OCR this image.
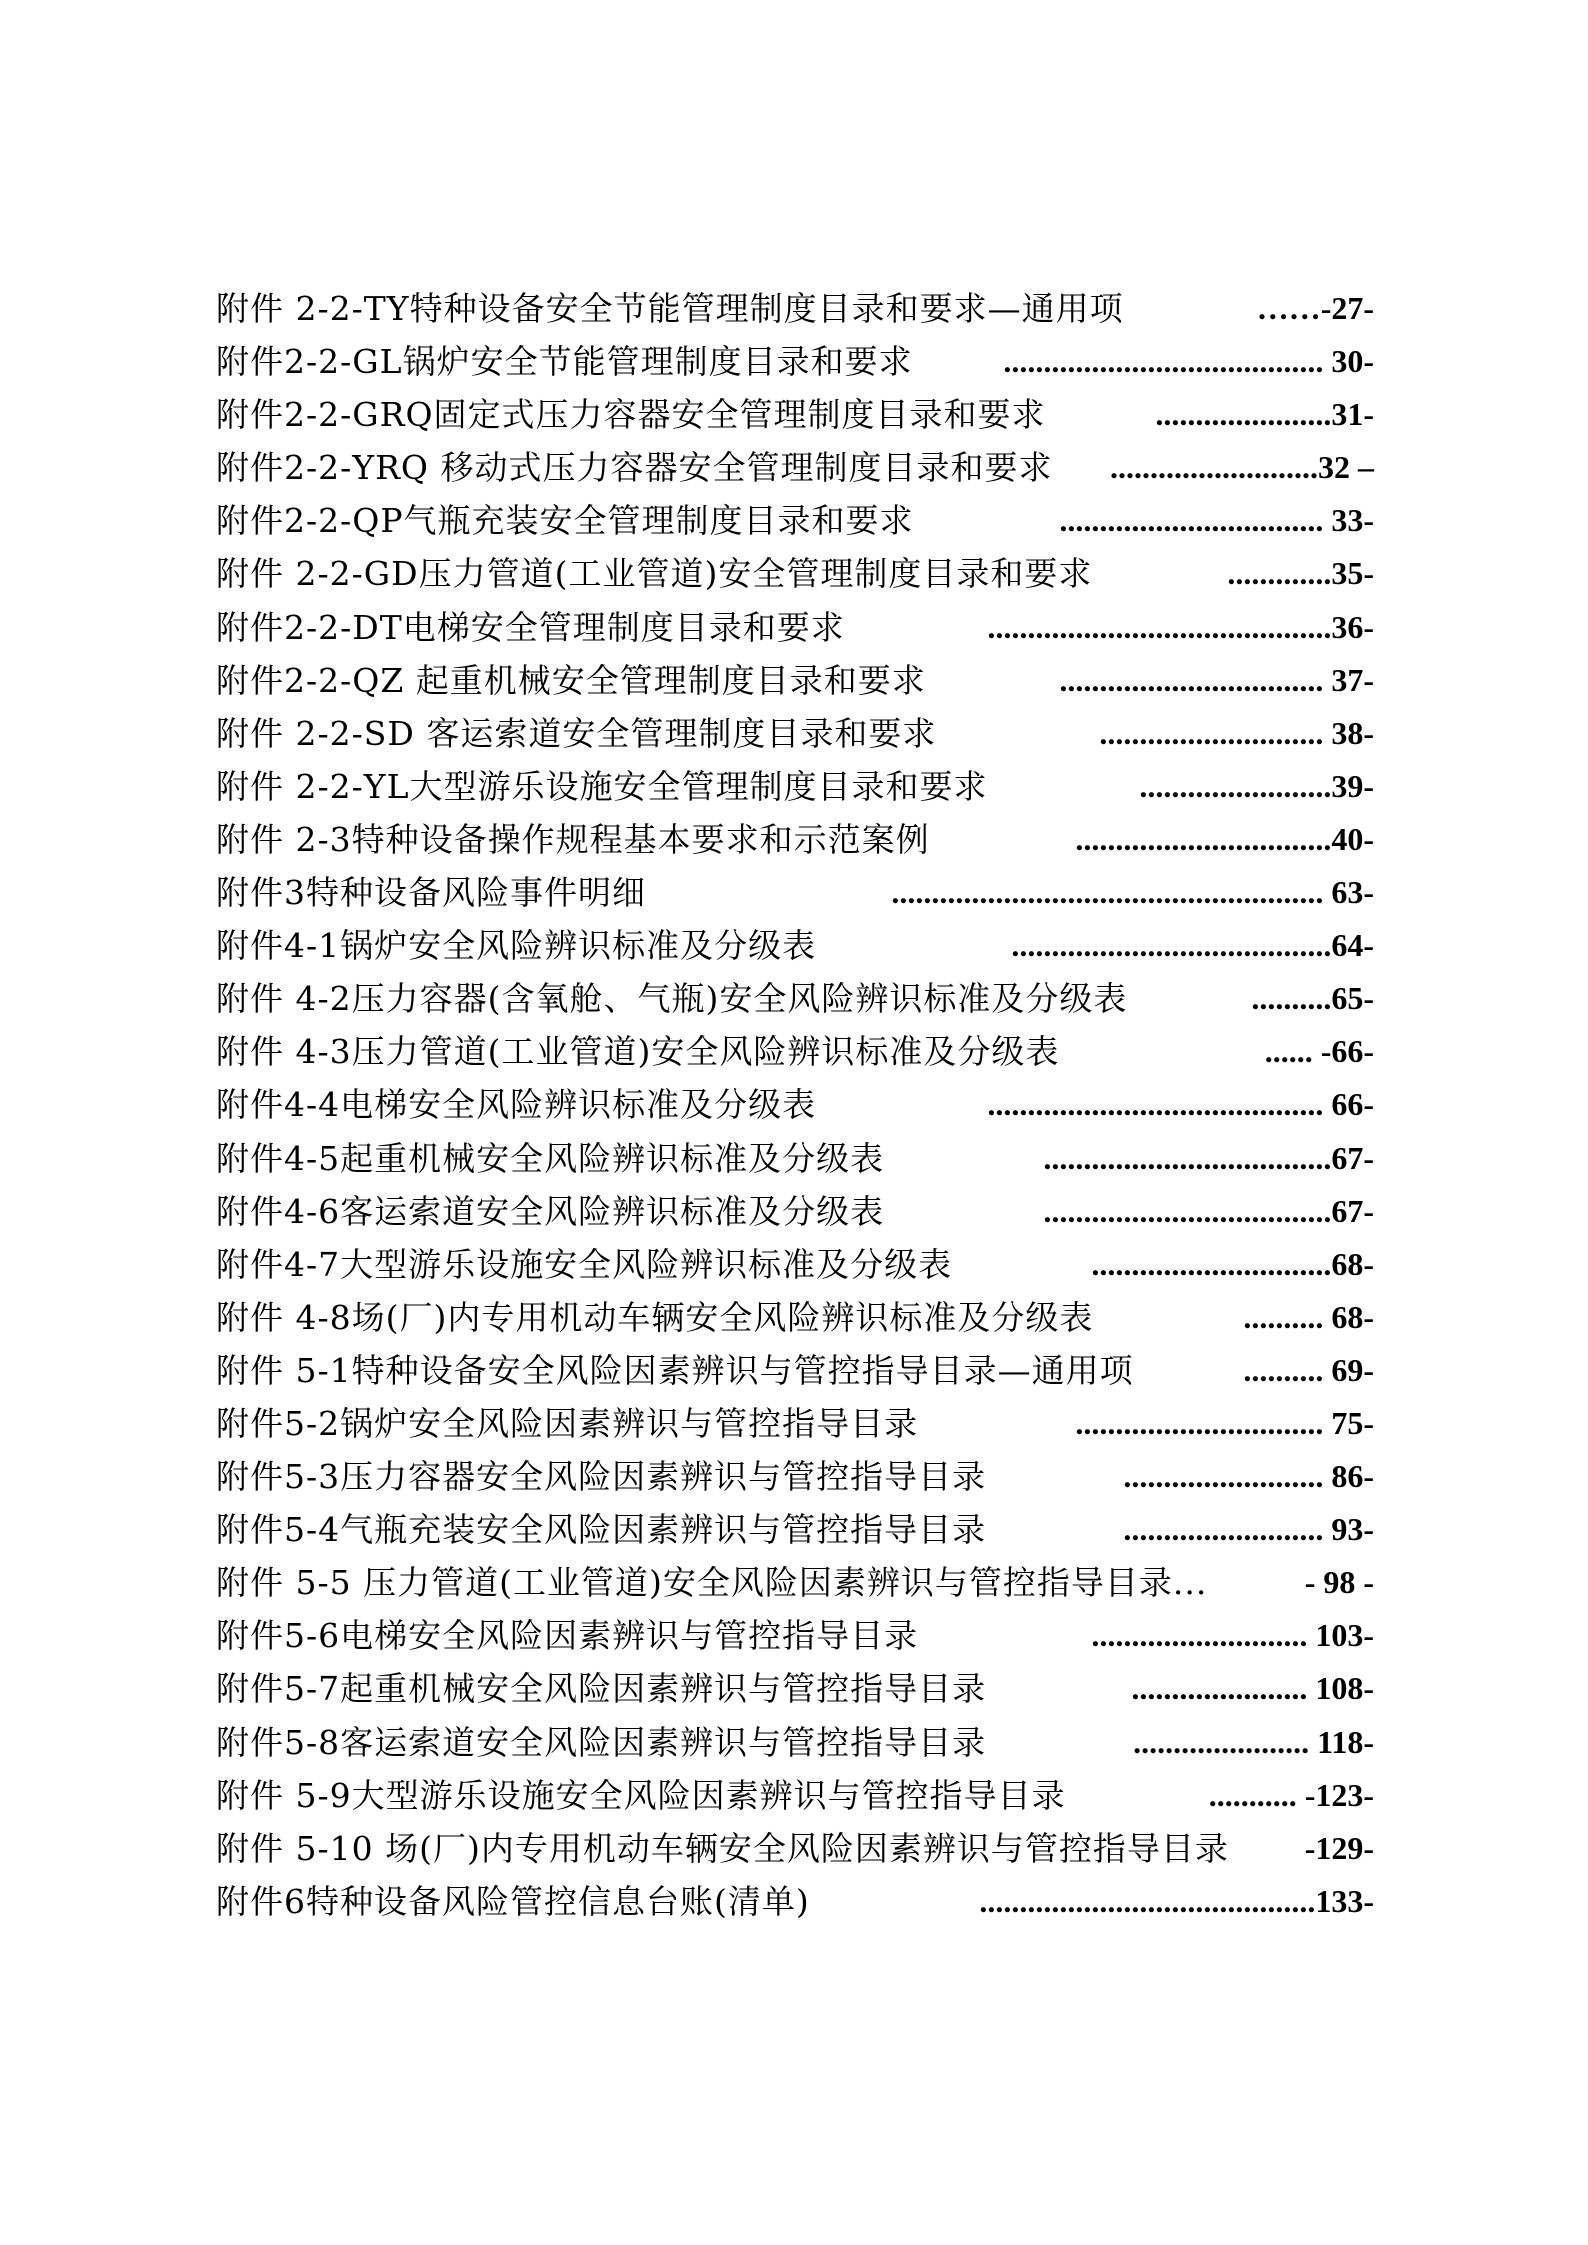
附件 2-2-TY特种设备安全节能管理制度目录和要求—通用项	……-27-
附件2-2-GL锅炉安全节能管理制度目录和要求	........................................ 30-
附件2-2-GRQ固定式压力容器安全管理制度目录和要求	......................31-
附件2-2-YRQ 移动式压力容器安全管理制度目录和要求 ..........................32 –
附件2-2-QP气瓶充装安全管理制度目录和要求	................................. 33-
附件 2-2-GD压力管道(工业管道)安全管理制度目录和要求	.............35-
附件2-2-DT电梯安全管理制度目录和要求	...........................................36-
附件2-2-QZ 起重机械安全管理制度目录和要求	................................. 37-
附件 2-2-SD 客运索道安全管理制度目录和要求	............................ 38-
附件 2-2-YL大型游乐设施安全管理制度目录和要求	........................39-
附件 2-3特种设备操作规程基本要求和示范案例	................................40-
附件3特种设备风险事件明细	...................................................... 63-
附件4-1锅炉安全风险辨识标准及分级表	........................................64-
附件 4-2压力容器(含氧舱、气瓶)安全风险辨识标准及分级表	..........65-
附件 4-3压力管道(工业管道)安全风险辨识标准及分级表	...... -66-
附件4-4电梯安全风险辨识标准及分级表	.......................................... 66-
附件4-5起重机械安全风险辨识标准及分级表	....................................67-
附件4-6客运索道安全风险辨识标准及分级表	....................................67-
附件4-7大型游乐设施安全风险辨识标准及分级表	..............................68-
附件 4-8场(厂)内专用机动车辆安全风险辨识标准及分级表	.......... 68-
附件 5-1特种设备安全风险因素辨识与管控指导目录—通用项	.......... 69-
附件5-2锅炉安全风险因素辨识与管控指导目录	............................... 75-
附件5-3压力容器安全风险因素辨识与管控指导目录	......................... 86-
附件5-4气瓶充装安全风险因素辨识与管控指导目录	......................... 93-
附件 5-5 压力管道(工业管道)安全风险因素辨识与管控指导目录...	- 98 -
附件5-6电梯安全风险因素辨识与管控指导目录	........................... 103-
附件5-7起重机械安全风险因素辨识与管控指导目录	...................... 108-
附件5-8客运索道安全风险因素辨识与管控指导目录	...................... 118-
附件 5-9大型游乐设施安全风险因素辨识与管控指导目录	........... -123-
附件 5-10 场(厂)内专用机动车辆安全风险因素辨识与管控指导目录 -129-
附件6特种设备风险管控信息台账(清单)	..........................................133-
